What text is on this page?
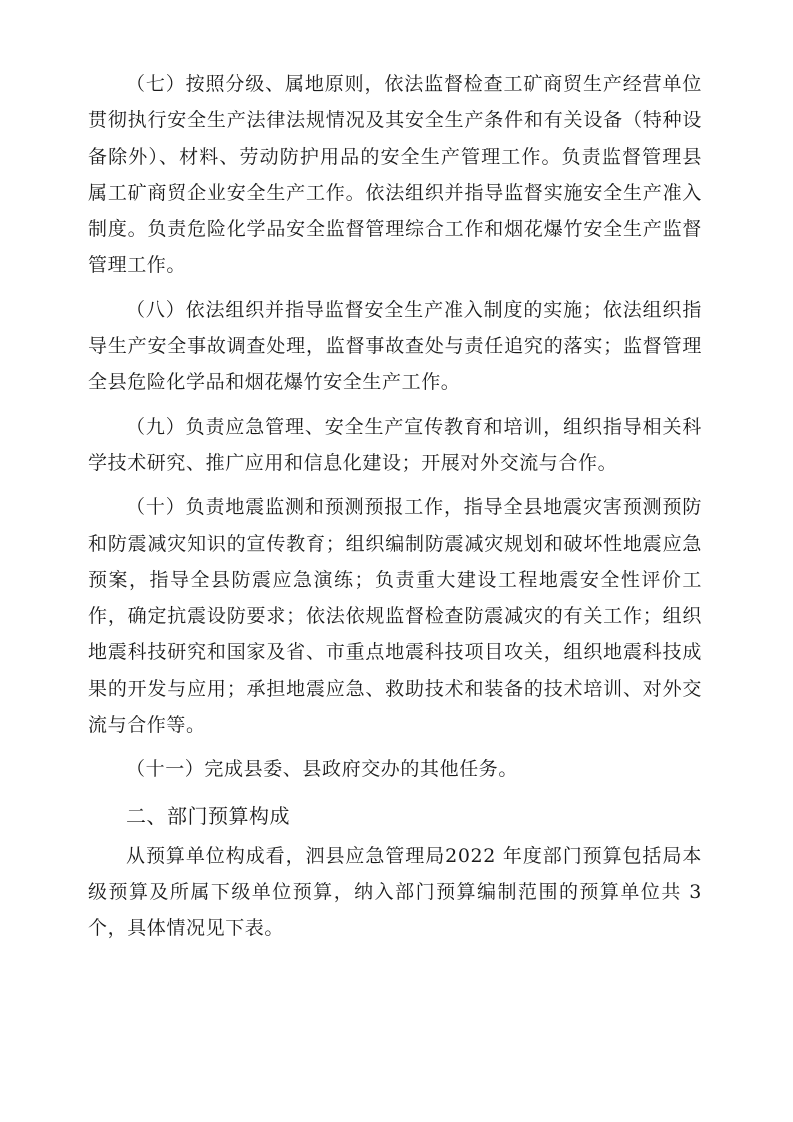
（七）按照分级、属地原则，依法监督检查工矿商贸生产经营单位贯彻执行安全生产法律法规情况及其安全生产条件和有关设备（特种设备除外）、材料、劳动防护用品的安全生产管理工作。负责监督管理县属工矿商贸企业安全生产工作。依法组织并指导监督实施安全生产准入制度。负责危险化学品安全监督管理综合工作和烟花爆竹安全生产监督管理工作。

（八）依法组织并指导监督安全生产准入制度的实施；依法组织指导生产安全事故调查处理，监督事故查处与责任追究的落实；监督管理全县危险化学品和烟花爆竹安全生产工作。

（九）负责应急管理、安全生产宣传教育和培训，组织指导相关科学技术研究、推广应用和信息化建设；开展对外交流与合作。

（十）负责地震监测和预测预报工作，指导全县地震灾害预测预防和防震减灾知识的宣传教育；组织编制防震减灾规划和破坏性地震应急预案，指导全县防震应急演练；负责重大建设工程地震安全性评价工作，确定抗震设防要求；依法依规监督检查防震减灾的有关工作；组织地震科技研究和国家及省、市重点地震科技项目攻关，组织地震科技成果的开发与应用；承担地震应急、救助技术和装备的技术培训、对外交流与合作等。

（十一）完成县委、县政府交办的其他任务。

二、部门预算构成

从预算单位构成看，泗县应急管理局2022 年度部门预算包括局本级预算及所属下级单位预算，纳入部门预算编制范围的预算单位共 3 个，具体情况见下表。
